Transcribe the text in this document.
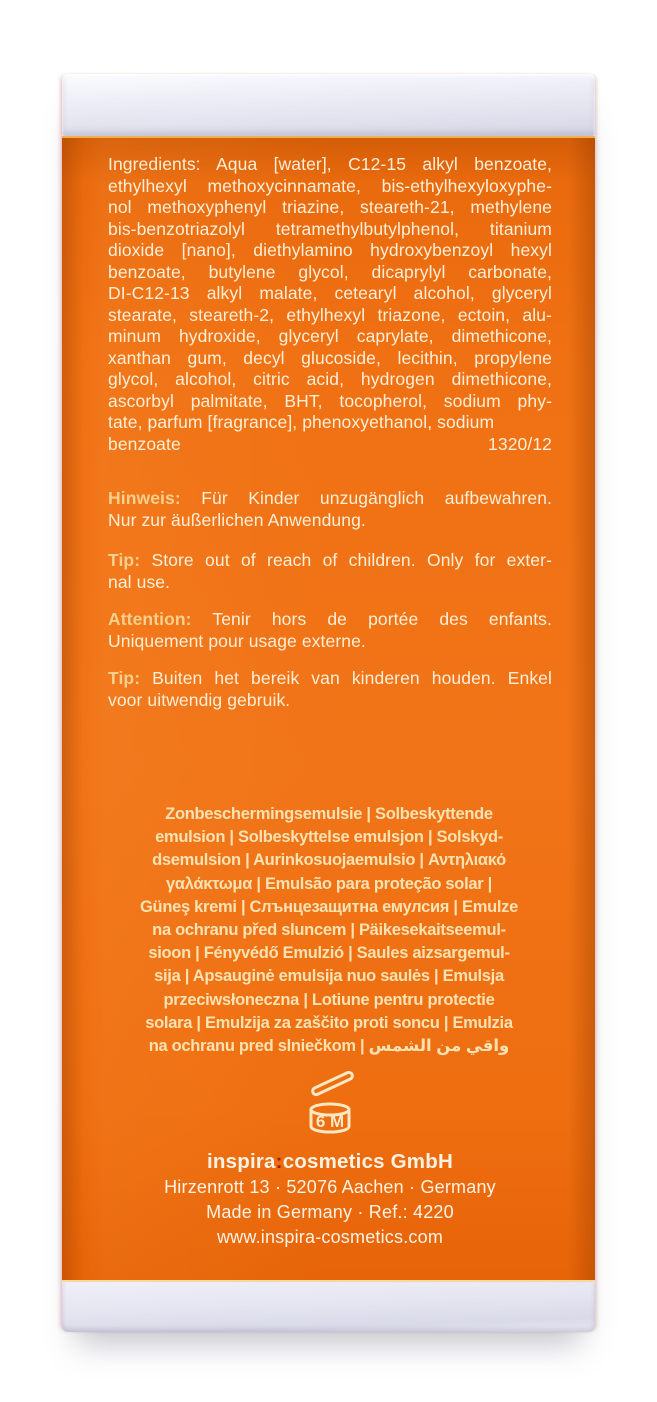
Ingredients: Aqua [water], C12-15 alkyl benzoate,
ethylhexyl methoxycinnamate, bis-ethylhexyloxyphe-
nol methoxyphenyl triazine, steareth-21, methylene
bis-benzotriazolyl tetramethylbutylphenol, titanium
dioxide [nano], diethylamino hydroxybenzoyl hexyl
benzoate, butylene glycol, dicaprylyl carbonate,
DI-C12-13 alkyl malate, cetearyl alcohol, glyceryl
stearate, steareth-2, ethylhexyl triazone, ectoin, alu-
minum hydroxide, glyceryl caprylate, dimethicone,
xanthan gum, decyl glucoside, lecithin, propylene
glycol, alcohol, citric acid, hydrogen dimethicone,
ascorbyl palmitate, BHT, tocopherol, sodium phy-
tate, parfum [fragrance], phenoxyethanol, sodium
benzoate	1320/12
Hinweis: Für Kinder unzugänglich aufbewahren.
Nur zur äußerlichen Anwendung.
Tip: Store out of reach of children. Only for exter-
nal use.
Attention: Tenir hors de portée des enfants.
Uniquement pour usage externe.
Tip: Buiten het bereik van kinderen houden. Enkel
voor uitwendig gebruik.
Zonbeschermingsemulsie | Solbeskyttende
emulsion | Solbeskyttelse emulsjon | Solskyd-
dsemulsion | Aurinkosuojaemulsio | Αντηλιακό
γαλάκτωμα | Emulsão para proteção solar |
Güneş kremi | Слънцезащитна емулсия | Emulze
na ochranu před sluncem | Päikesekaitseemul-
sioon | Fényvédő Emulzió | Saules aizsargemul-
sija | Apsauginė emulsija nuo saulės | Emulsja
przeciwsłoneczna | Lotiune pentru protectie
solara | Emulzija za zaščito proti soncu | Emulzia
na ochranu pred slniečkom | واقي من الشمس
6 M
inspira:cosmetics GmbH
Hirzenrott 13 · 52076 Aachen · Germany
Made in Germany · Ref.: 4220
www.inspira-cosmetics.com
